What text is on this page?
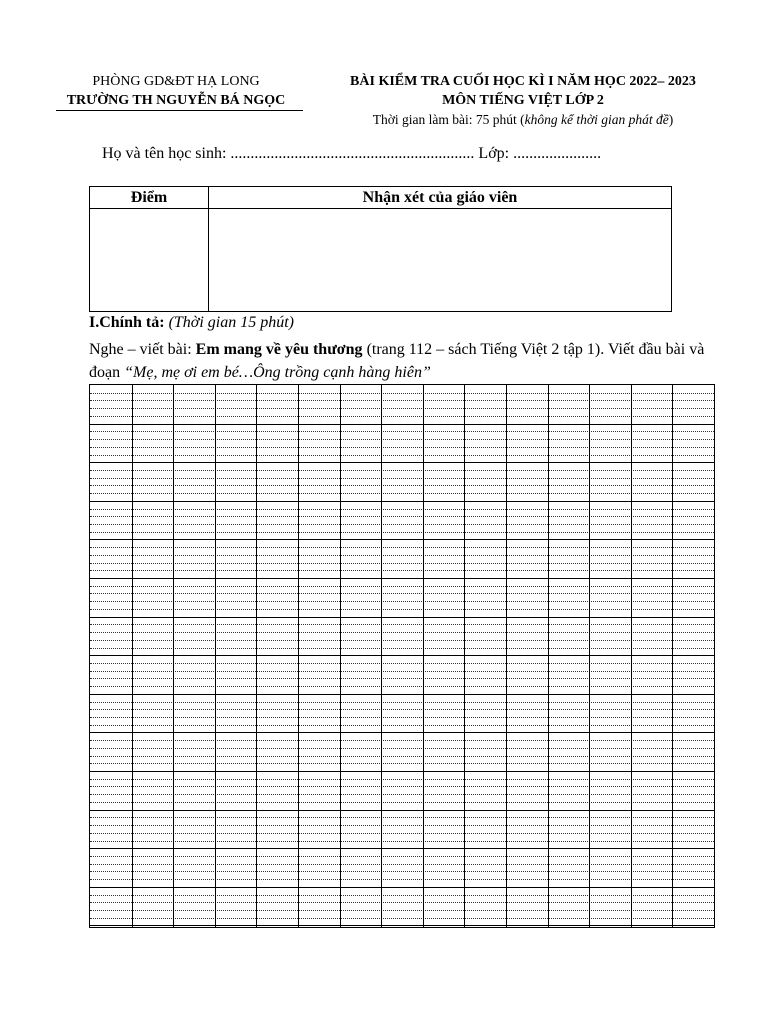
PHÒNG GD&ĐT HẠ LONG
TRƯỜNG TH NGUYỄN BÁ NGỌC
BÀI KIỂM TRA CUỐI HỌC KÌ I NĂM HỌC 2022– 2023
MÔN TIẾNG VIỆT LỚP 2
Thời gian làm bài: 75 phút (không kể thời gian phát đề)
Họ và tên học sinh: ............................................................. Lớp: ......................
Điểm	Nhận xét của giáo viên
I.Chính tả: (Thời gian 15 phút)
Nghe – viết bài: Em mang về yêu thương (trang 112 – sách Tiếng Việt 2 tập 1). Viết đầu bài và đoạn “Mẹ, mẹ ơi em bé…Ông trồng cạnh hàng hiên”
